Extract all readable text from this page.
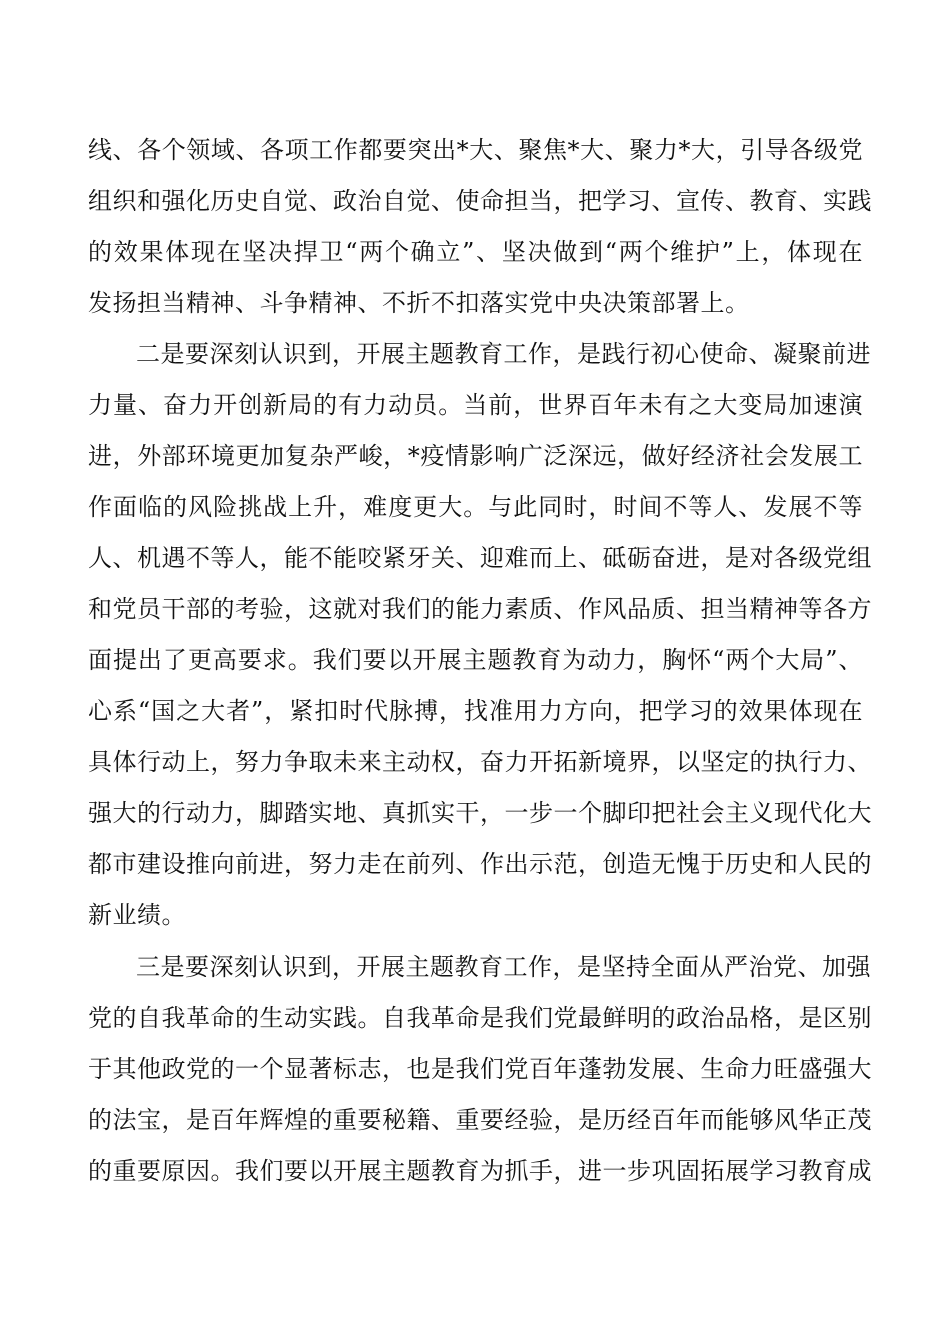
线、各个领域、各项工作都要突出*大、聚焦*大、聚力*大，引导各级党
组织和强化历史自觉、政治自觉、使命担当，把学习、宣传、教育、实践
的效果体现在坚决捍卫“两个确立”、坚决做到“两个维护”上，体现在
发扬担当精神、斗争精神、不折不扣落实党中央决策部署上。
二是要深刻认识到，开展主题教育工作，是践行初心使命、凝聚前进
力量、奋力开创新局的有力动员。当前，世界百年未有之大变局加速演
进，外部环境更加复杂严峻，*疫情影响广泛深远，做好经济社会发展工
作面临的风险挑战上升，难度更大。与此同时，时间不等人、发展不等
人、机遇不等人，能不能咬紧牙关、迎难而上、砥砺奋进，是对各级党组
和党员干部的考验，这就对我们的能力素质、作风品质、担当精神等各方
面提出了更高要求。我们要以开展主题教育为动力，胸怀“两个大局”、
心系“国之大者”，紧扣时代脉搏，找准用力方向，把学习的效果体现在
具体行动上，努力争取未来主动权，奋力开拓新境界，以坚定的执行力、
强大的行动力，脚踏实地、真抓实干，一步一个脚印把社会主义现代化大
都市建设推向前进，努力走在前列、作出示范，创造无愧于历史和人民的
新业绩。
三是要深刻认识到，开展主题教育工作，是坚持全面从严治党、加强
党的自我革命的生动实践。自我革命是我们党最鲜明的政治品格，是区别
于其他政党的一个显著标志，也是我们党百年蓬勃发展、生命力旺盛强大
的法宝，是百年辉煌的重要秘籍、重要经验，是历经百年而能够风华正茂
的重要原因。我们要以开展主题教育为抓手，进一步巩固拓展学习教育成
